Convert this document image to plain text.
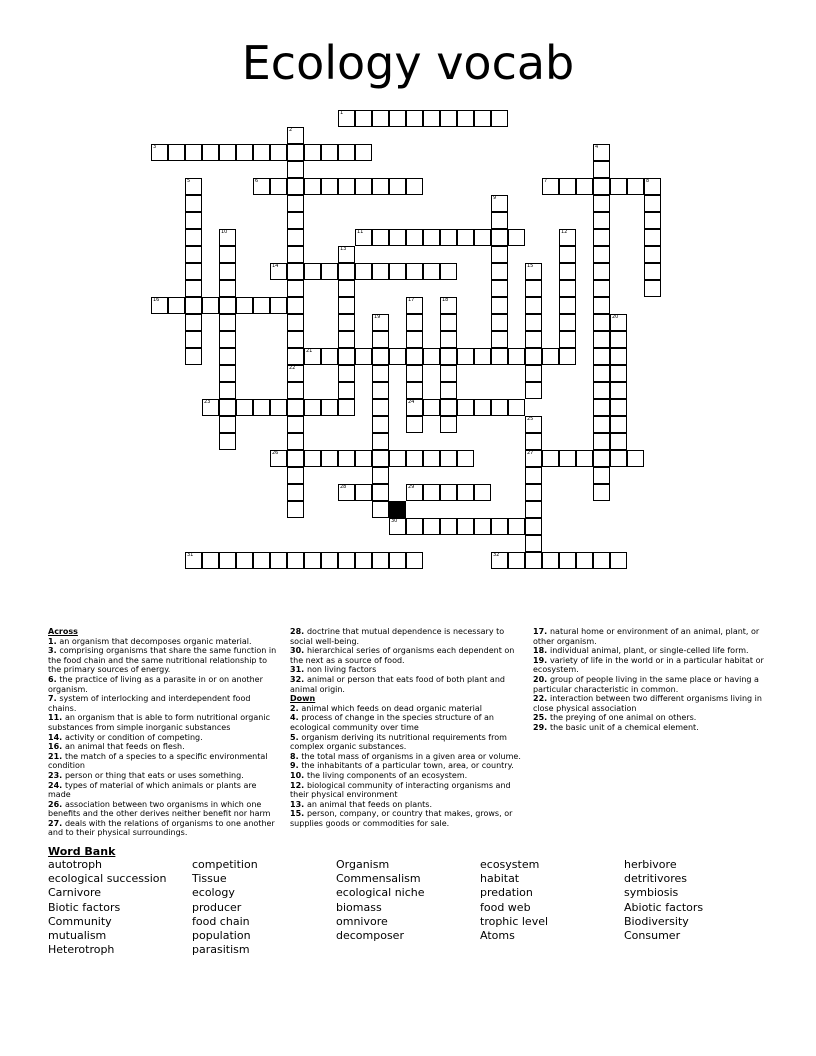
Ecology vocab
1
2
3	4
5	6	7	8
9
10	11	12
13
14	15
16	17	18
19	20
21
22
23	24
25
26	27
28	29
30
31	32
Across
1. an organism that decomposes organic material.
3. comprising organisms that share the same function in the food chain and the same nutritional relationship to the primary sources of energy.
6. the practice of living as a parasite in or on another organism.
7. system of interlocking and interdependent food chains.
11. an organism that is able to form nutritional organic substances from simple inorganic substances
14. activity or condition of competing.
16. an animal that feeds on flesh.
21. the match of a species to a specific environmental condition
23. person or thing that eats or uses something.
24. types of material of which animals or plants are made
26. association between two organisms in which one benefits and the other derives neither benefit nor harm
27. deals with the relations of organisms to one another and to their physical surroundings.
28. doctrine that mutual dependence is necessary to social well-being.
30. hierarchical series of organisms each dependent on the next as a source of food.
31. non living factors
32. animal or person that eats food of both plant and animal origin.
Down
2. animal which feeds on dead organic material
4. process of change in the species structure of an ecological community over time
5. organism deriving its nutritional requirements from complex organic substances.
8. the total mass of organisms in a given area or volume.
9. the inhabitants of a particular town, area, or country.
10. the living components of an ecosystem.
12. biological community of interacting organisms and their physical environment
13. an animal that feeds on plants.
15. person, company, or country that makes, grows, or supplies goods or commodities for sale.
17. natural home or environment of an animal, plant, or other organism.
18. individual animal, plant, or single-celled life form.
19. variety of life in the world or in a particular habitat or ecosystem.
20. group of people living in the same place or having a particular characteristic in common.
22. interaction between two different organisms living in close physical association
25. the preying of one animal on others.
29. the basic unit of a chemical element.
Word Bank
autotroph
ecological succession
Carnivore
Biotic factors
Community
mutualism
Heterotroph
competition
Tissue
ecology
producer
food chain
population
parasitism
Organism
Commensalism
ecological niche
biomass
omnivore
decomposer
ecosystem
habitat
predation
food web
trophic level
Atoms
herbivore
detritivores
symbiosis
Abiotic factors
Biodiversity
Consumer
